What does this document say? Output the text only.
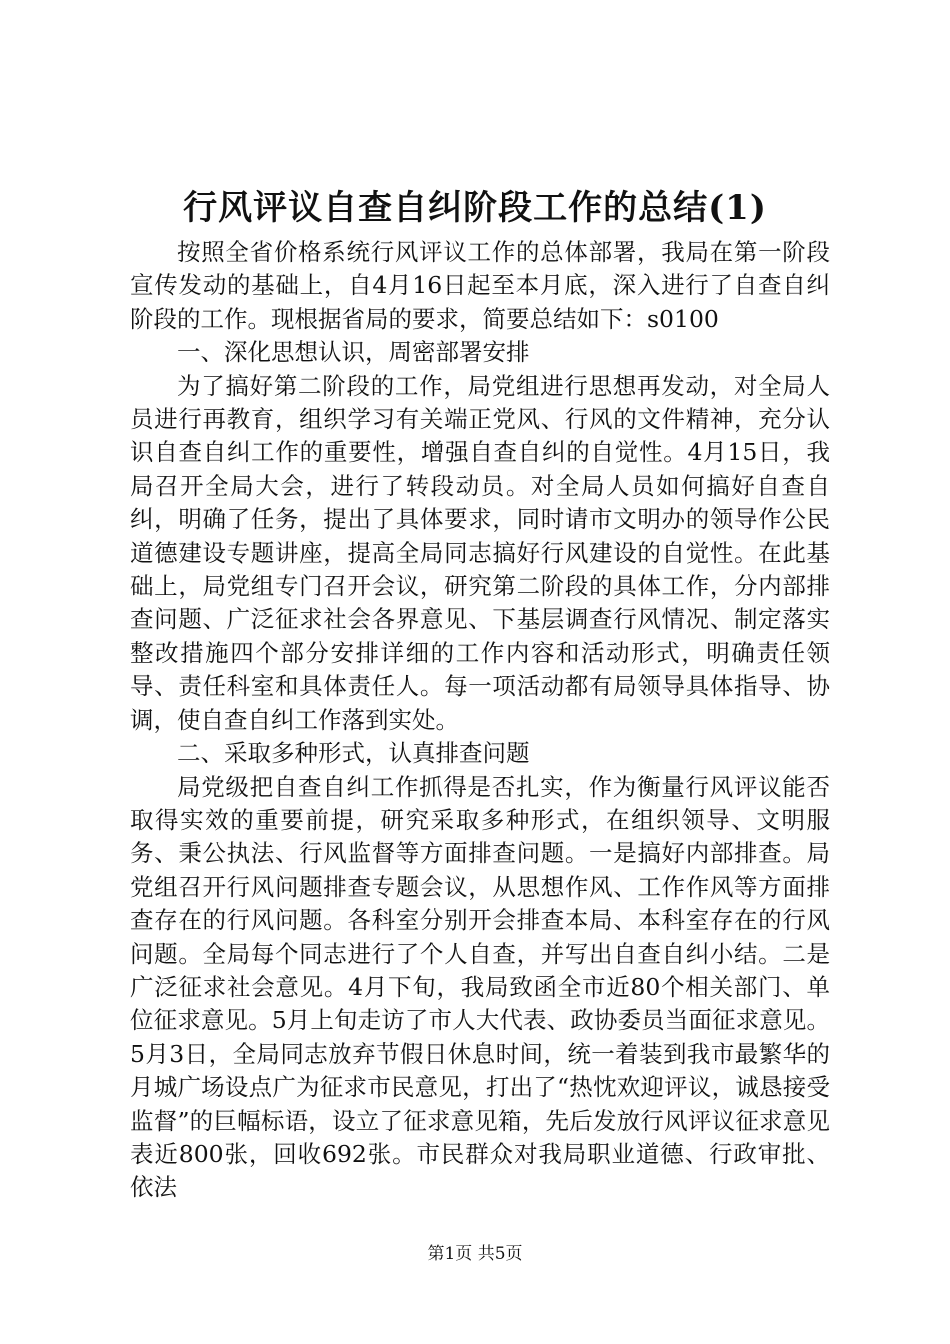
行风评议自查自纠阶段工作的总结(1)

按照全省价格系统行风评议工作的总体部署，我局在第一阶段宣传发动的基础上，自4月16日起至本月底，深入进行了自查自纠阶段的工作。现根据省局的要求，简要总结如下：s0100

一、深化思想认识，周密部署安排

为了搞好第二阶段的工作，局党组进行思想再发动，对全局人员进行再教育，组织学习有关端正党风、行风的文件精神，充分认识自查自纠工作的重要性，增强自查自纠的自觉性。4月15日，我局召开全局大会，进行了转段动员。对全局人员如何搞好自查自纠，明确了任务，提出了具体要求，同时请市文明办的领导作公民道德建设专题讲座，提高全局同志搞好行风建设的自觉性。在此基础上，局党组专门召开会议，研究第二阶段的具体工作，分内部排查问题、广泛征求社会各界意见、下基层调查行风情况、制定落实整改措施四个部分安排详细的工作内容和活动形式，明确责任领导、责任科室和具体责任人。每一项活动都有局领导具体指导、协调，使自查自纠工作落到实处。

二、采取多种形式，认真排查问题

局党级把自查自纠工作抓得是否扎实，作为衡量行风评议能否取得实效的重要前提，研究采取多种形式，在组织领导、文明服务、秉公执法、行风监督等方面排查问题。一是搞好内部排查。局党组召开行风问题排查专题会议，从思想作风、工作作风等方面排查存在的行风问题。各科室分别开会排查本局、本科室存在的行风问题。全局每个同志进行了个人自查，并写出自查自纠小结。二是广泛征求社会意见。4月下旬，我局致函全市近80个相关部门、单位征求意见。5月上旬走访了市人大代表、政协委员当面征求意见。5月3日，全局同志放弃节假日休息时间，统一着装到我市最繁华的月城广场设点广为征求市民意见，打出了“热忱欢迎评议，诚恳接受监督”的巨幅标语，设立了征求意见箱，先后发放行风评议征求意见表近800张，回收692张。市民群众对我局职业道德、行政审批、依法

第1页 共5页
